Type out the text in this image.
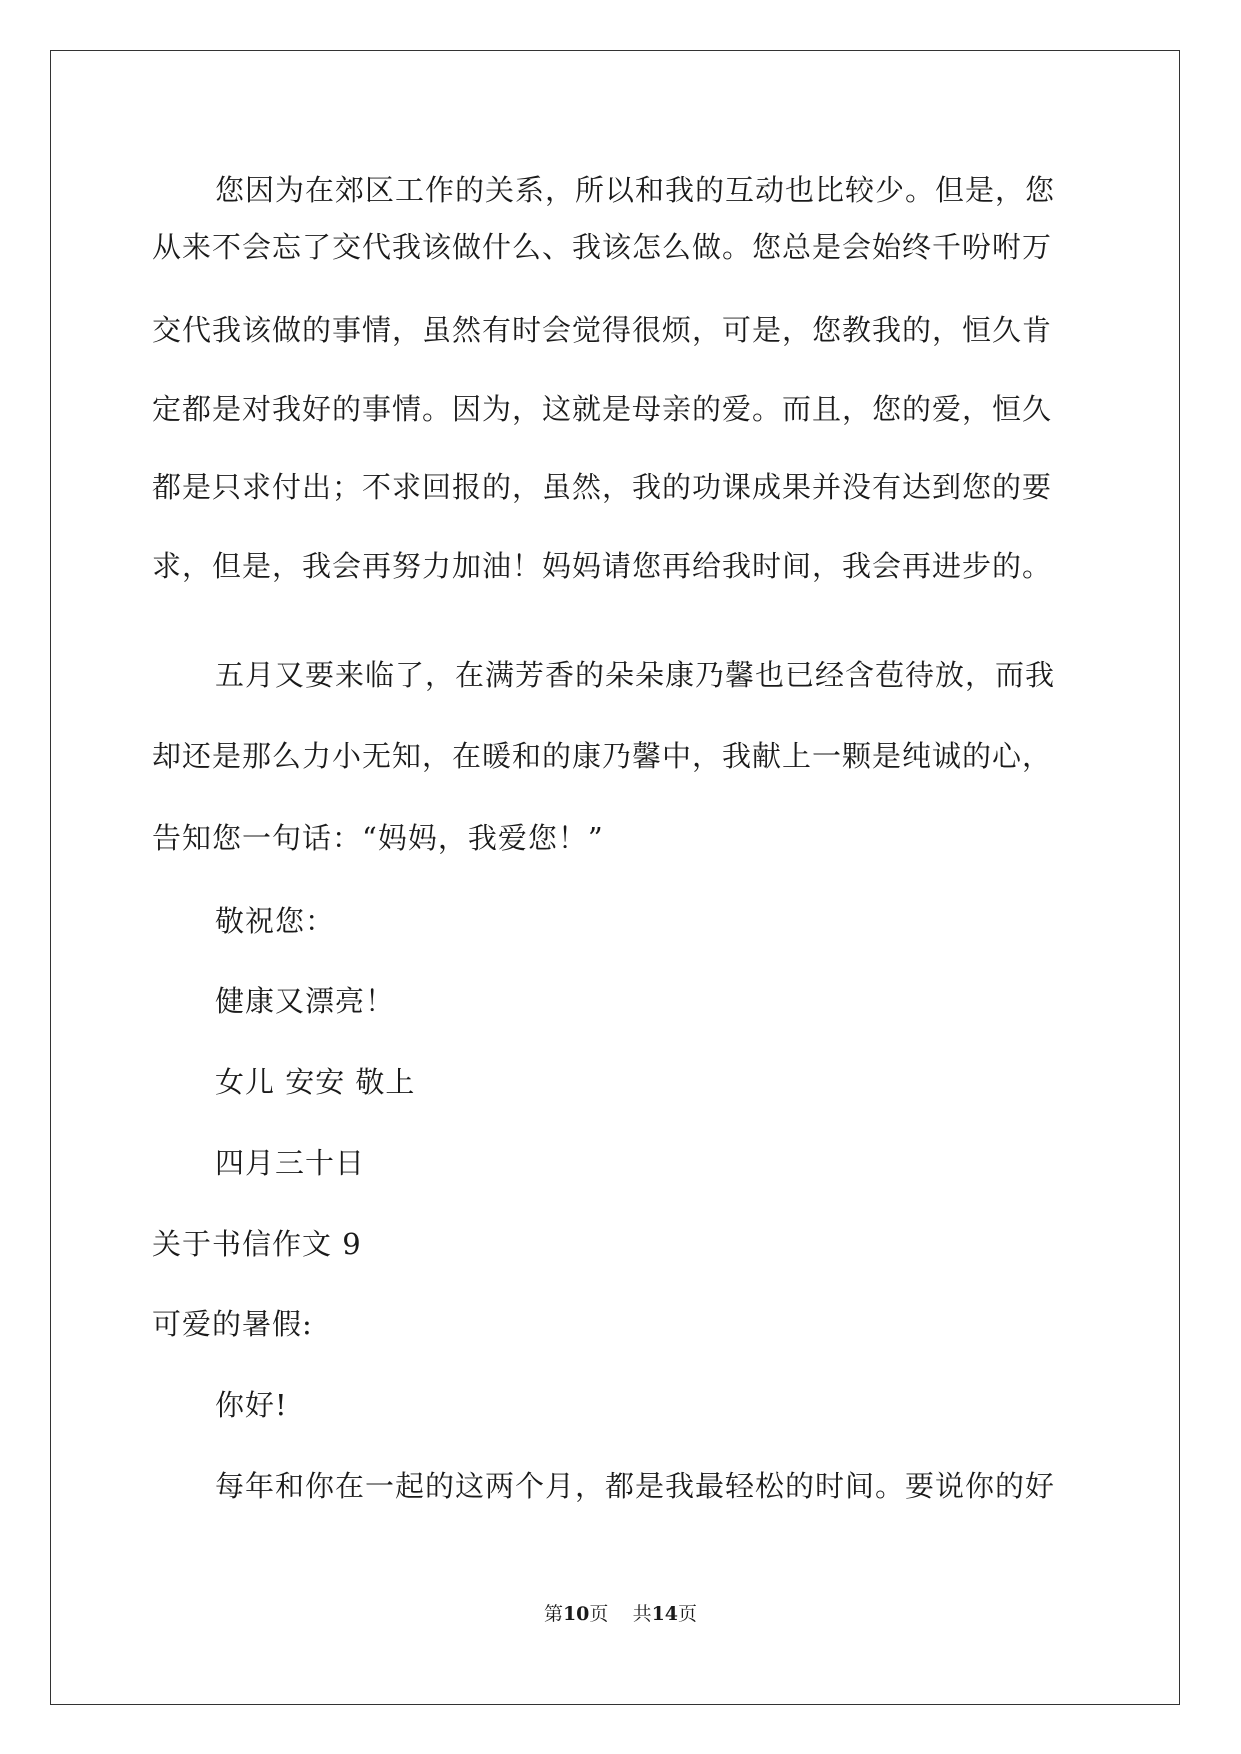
您因为在郊区工作的关系，所以和我的互动也比较少。但是，您
从来不会忘了交代我该做什么、我该怎么做。您总是会始终千吩咐万
交代我该做的事情，虽然有时会觉得很烦，可是，您教我的，恒久肯
定都是对我好的事情。因为，这就是母亲的爱。而且，您的爱，恒久
都是只求付出；不求回报的，虽然，我的功课成果并没有达到您的要
求，但是，我会再努力加油！妈妈请您再给我时间，我会再进步的。
五月又要来临了，在满芳香的朵朵康乃馨也已经含苞待放，而我
却还是那么力小无知，在暖和的康乃馨中，我献上一颗是纯诚的心，
告知您一句话：“妈妈，我爱您！”
敬祝您：
健康又漂亮！
女儿 安安 敬上
四月三十日
关于书信作文 9
可爱的暑假:
你好!
每年和你在一起的这两个月，都是我最轻松的时间。要说你的好
第10页    共14页
